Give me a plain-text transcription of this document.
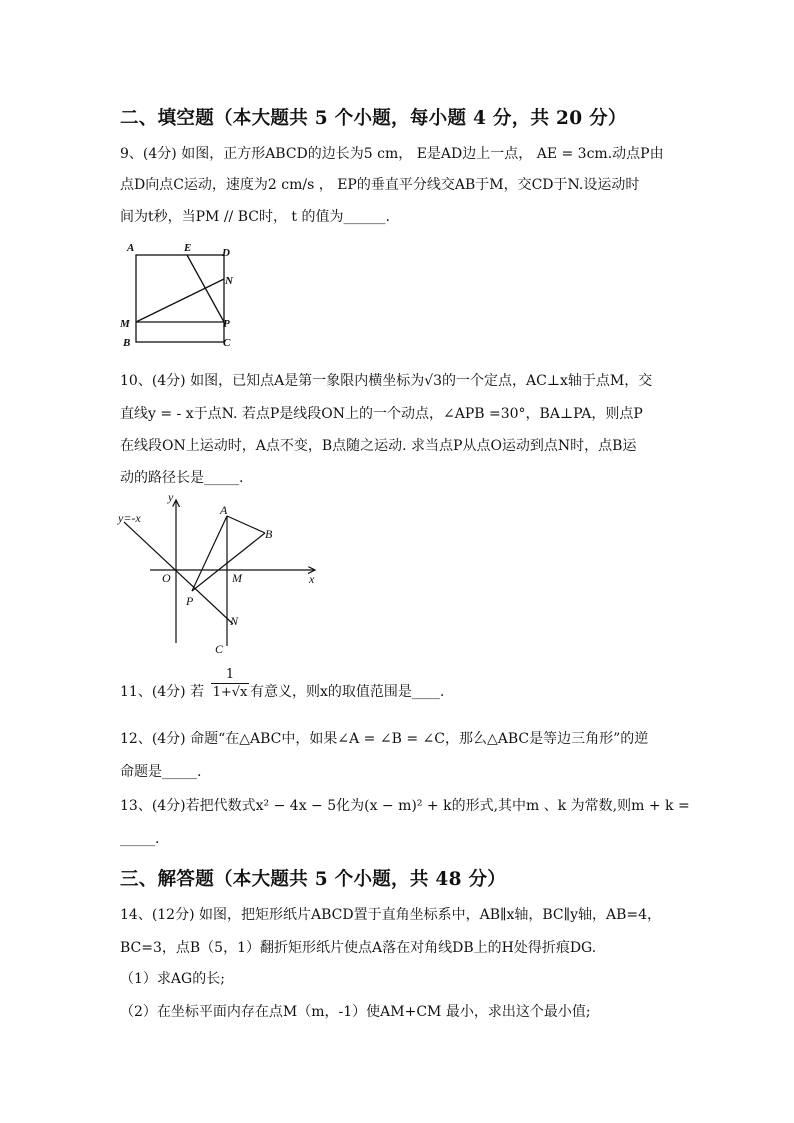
二、填空题（本大题共 5 个小题，每小题 4 分，共 20 分）
9、(4分) 如图，正方形ABCD的边长为5 cm， E是AD边上一点， AE = 3cm.动点P由
点D向点C运动，速度为2 cm/s ， EP的垂直平分线交AB于M，交CD于N.设运动时
间为t秒，当PM // BC时， t 的值为______.
A	E	D
N
M	P
B	C
10、(4分) 如图，已知点A是第一象限内横坐标为√3的一个定点，AC⊥x轴于点M，交
直线y = - x于点N. 若点P是线段ON上的一个动点，∠APB =30°，BA⊥PA，则点P
在线段ON上运动时，A点不变，B点随之运动. 求当点P从点O运动到点N时，点B运
动的路径长是_____.
y=-x
y
A
B
O	M	x
P
N
C
11、(4分) 若 $\frac{1}{1+√x}$ 有意义，则x的取值范围是____.
12、(4分) 命题“在△ABC中，如果∠A = ∠B = ∠C，那么△ABC是等边三角形”的逆
命题是_____.
13、(4分)若把代数式x² − 4x − 5化为(x − m)² + k的形式,其中m 、k 为常数,则m + k =
_____.
三、解答题（本大题共 5 个小题，共 48 分）
14、(12分) 如图，把矩形纸片ABCD置于直角坐标系中，AB∥x轴，BC∥y轴，AB=4，
BC=3，点B（5，1）翻折矩形纸片使点A落在对角线DB上的H处得折痕DG.
（1）求AG的长;
（2）在坐标平面内存在点M（m，-1）使AM+CM 最小，求出这个最小值;
